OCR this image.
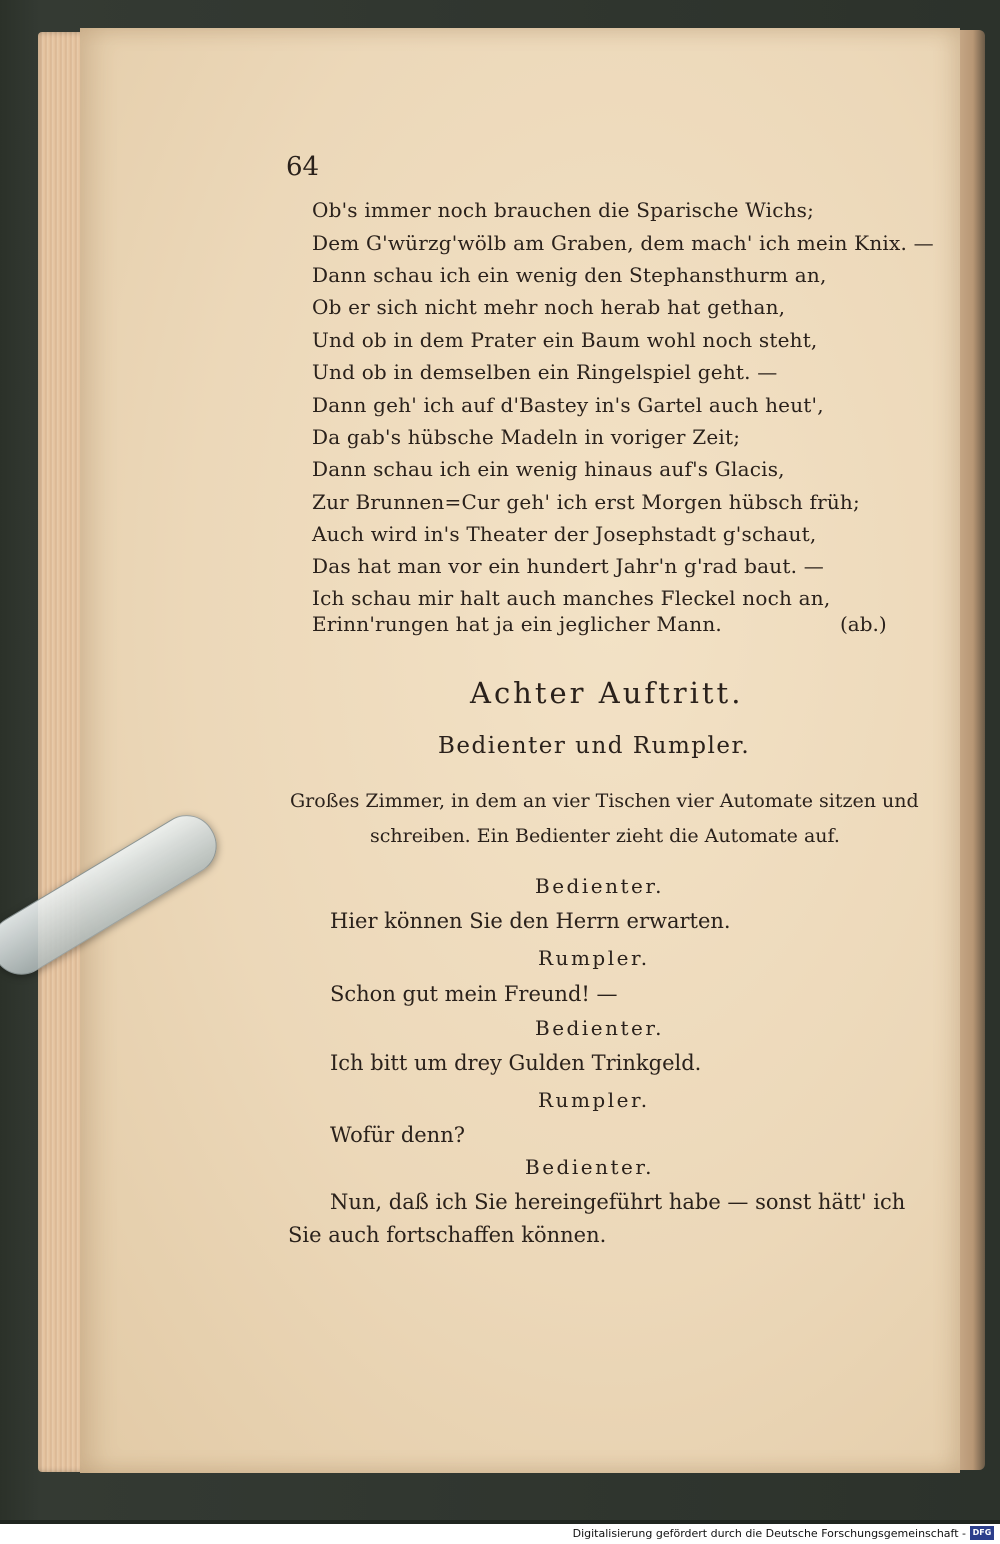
64
Ob's immer noch brauchen die Sparische Wichs;
Dem G'würzg'wölb am Graben, dem mach' ich mein Knix. —
Dann schau ich ein wenig den Stephansthurm an,
Ob er sich nicht mehr noch herab hat gethan,
Und ob in dem Prater ein Baum wohl noch steht,
Und ob in demselben ein Ringelspiel geht. —
Dann geh' ich auf d'Bastey in's Gartel auch heut',
Da gab's hübsche Madeln in voriger Zeit;
Dann schau ich ein wenig hinaus auf's Glacis,
Zur Brunnen=Cur geh' ich erst Morgen hübsch früh;
Auch wird in's Theater der Josephstadt g'schaut,
Das hat man vor ein hundert Jahr'n g'rad baut. —
Ich schau mir halt auch manches Fleckel noch an,
Erinn'rungen hat ja ein jeglicher Mann.	(ab.)
Achter Auftritt.
Bedienter und Rumpler.
Großes Zimmer, in dem an vier Tischen vier Automate sitzen und
schreiben. Ein Bedienter zieht die Automate auf.
Bedienter.
Hier können Sie den Herrn erwarten.
Rumpler.
Schon gut mein Freund! —
Bedienter.
Ich bitt um drey Gulden Trinkgeld.
Rumpler.
Wofür denn?
Bedienter.
Nun, daß ich Sie hereingeführt habe — sonst hätt' ich
Sie auch fortschaffen können.
Digitalisierung gefördert durch die Deutsche Forschungsgemeinschaft - DFG
